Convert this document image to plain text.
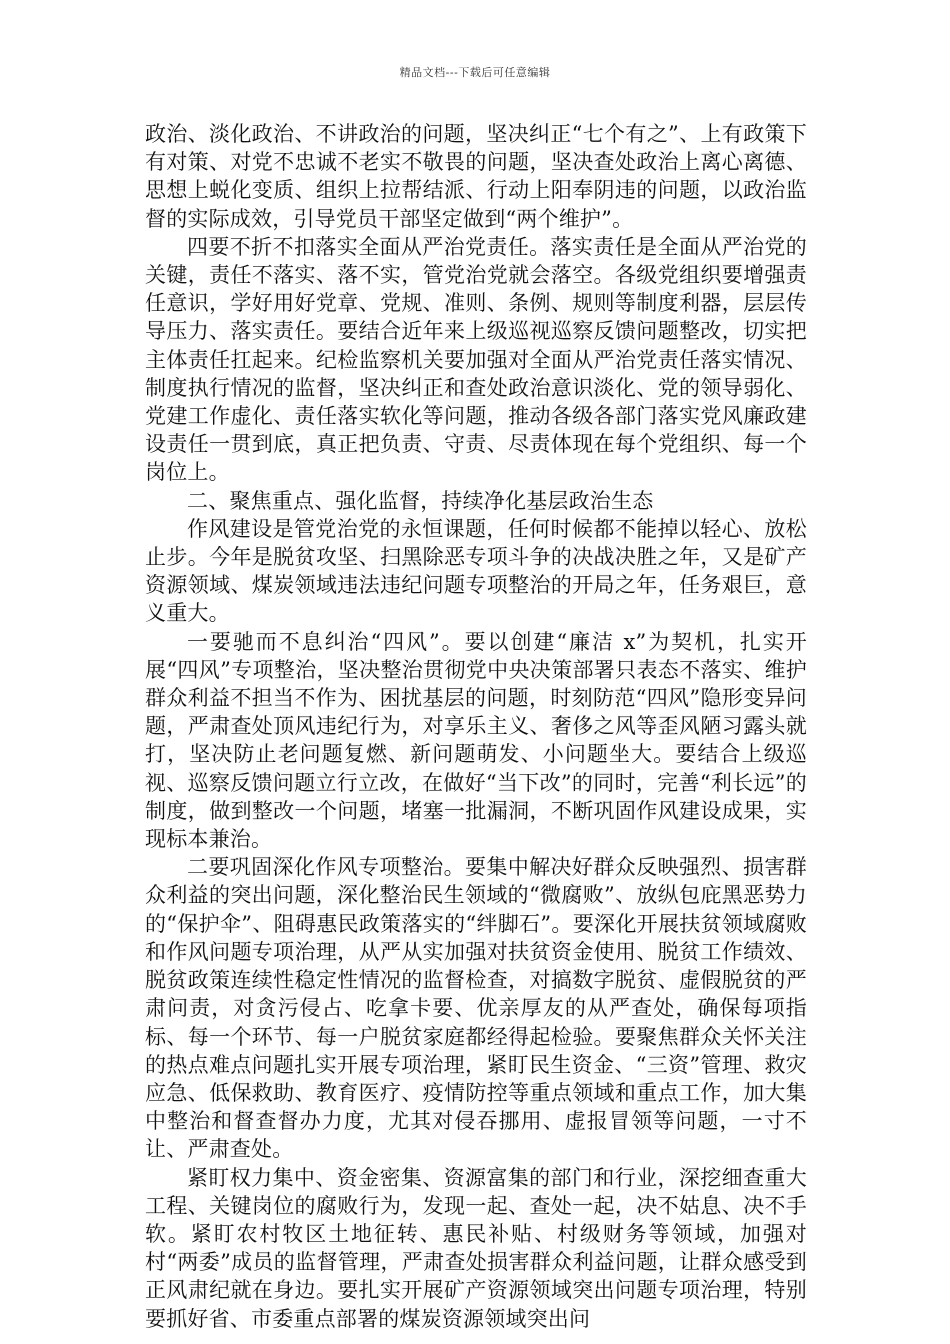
精品文档---下载后可任意编辑

政治、淡化政治、不讲政治的问题，坚决纠正“七个有之”、上有政策下有对策、对党不忠诚不老实不敬畏的问题，坚决查处政治上离心离德、思想上蜕化变质、组织上拉帮结派、行动上阳奉阴违的问题，以政治监督的实际成效，引导党员干部坚定做到“两个维护”。

四要不折不扣落实全面从严治党责任。落实责任是全面从严治党的关键，责任不落实、落不实，管党治党就会落空。各级党组织要增强责任意识，学好用好党章、党规、准则、条例、规则等制度利器，层层传导压力、落实责任。要结合近年来上级巡视巡察反馈问题整改，切实把主体责任扛起来。纪检监察机关要加强对全面从严治党责任落实情况、制度执行情况的监督，坚决纠正和查处政治意识淡化、党的领导弱化、党建工作虚化、责任落实软化等问题，推动各级各部门落实党风廉政建设责任一贯到底，真正把负责、守责、尽责体现在每个党组织、每一个岗位上。

二、聚焦重点、强化监督，持续净化基层政治生态

作风建设是管党治党的永恒课题，任何时候都不能掉以轻心、放松止步。今年是脱贫攻坚、扫黑除恶专项斗争的决战决胜之年，又是矿产资源领域、煤炭领域违法违纪问题专项整治的开局之年，任务艰巨，意义重大。

一要驰而不息纠治“四风”。要以创建“廉洁 x”为契机，扎实开展“四风”专项整治，坚决整治贯彻党中央决策部署只表态不落实、维护群众利益不担当不作为、困扰基层的问题，时刻防范“四风”隐形变异问题，严肃查处顶风违纪行为，对享乐主义、奢侈之风等歪风陋习露头就打，坚决防止老问题复燃、新问题萌发、小问题坐大。要结合上级巡视、巡察反馈问题立行立改，在做好“当下改”的同时，完善“利长远”的制度，做到整改一个问题，堵塞一批漏洞，不断巩固作风建设成果，实现标本兼治。

二要巩固深化作风专项整治。要集中解决好群众反映强烈、损害群众利益的突出问题，深化整治民生领域的“微腐败”、放纵包庇黑恶势力的“保护伞”、阻碍惠民政策落实的“绊脚石”。要深化开展扶贫领域腐败和作风问题专项治理，从严从实加强对扶贫资金使用、脱贫工作绩效、脱贫政策连续性稳定性情况的监督检查，对搞数字脱贫、虚假脱贫的严肃问责，对贪污侵占、吃拿卡要、优亲厚友的从严查处，确保每项指标、每一个环节、每一户脱贫家庭都经得起检验。要聚焦群众关怀关注的热点难点问题扎实开展专项治理，紧盯民生资金、“三资”管理、救灾应急、低保救助、教育医疗、疫情防控等重点领域和重点工作，加大集中整治和督查督办力度，尤其对侵吞挪用、虚报冒领等问题，一寸不让、严肃查处。

紧盯权力集中、资金密集、资源富集的部门和行业，深挖细查重大工程、关键岗位的腐败行为，发现一起、查处一起，决不姑息、决不手软。紧盯农村牧区土地征转、惠民补贴、村级财务等领域，加强对村“两委”成员的监督管理，严肃查处损害群众利益问题，让群众感受到正风肃纪就在身边。要扎实开展矿产资源领域突出问题专项治理，特别要抓好省、市委重点部署的煤炭资源领域突出问
